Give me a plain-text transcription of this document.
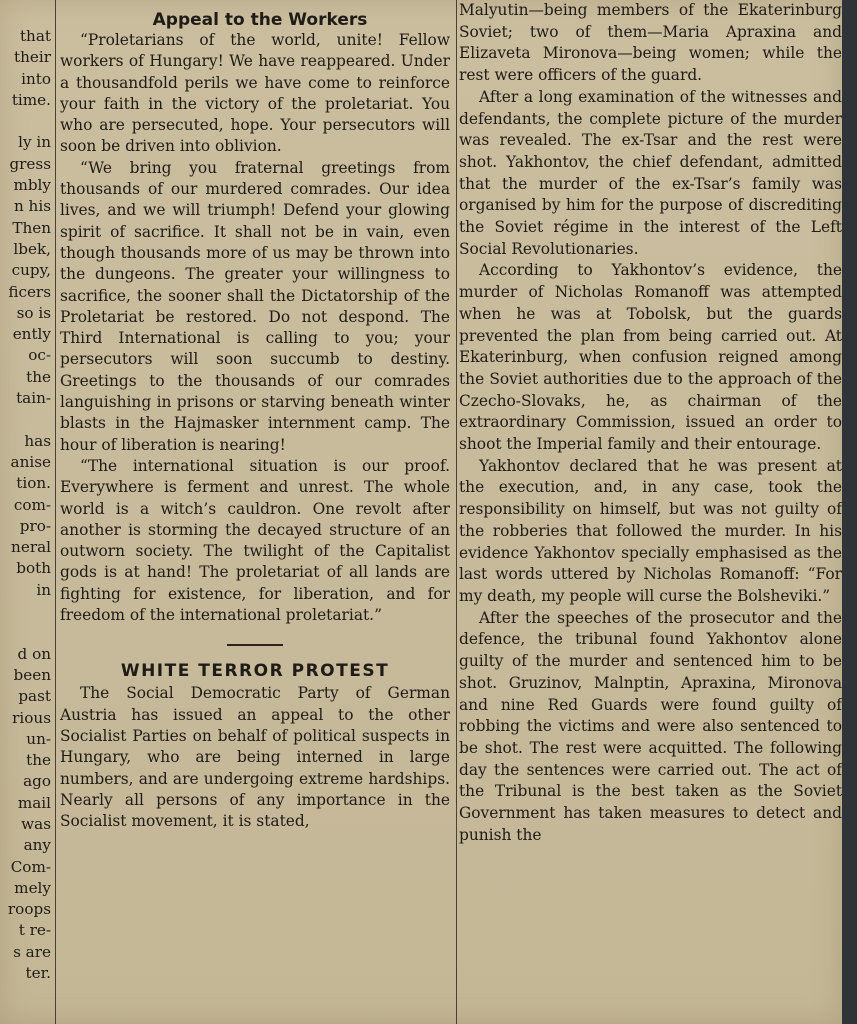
that
their
into
time.

ly in
gress
mbly
n his
Then
lbek,
cupy,
ficers
so is
ently
oc-
the
tain-

has
anise
tion.
com-
pro-
neral
both
in

d on
been
past
rious
un-
the
ago
mail
was
any
Com-
mely
roops
t re-
s are
ter.
Appeal to the Workers

“Proletarians of the world, unite! Fellow workers of Hungary! We have reappeared. Under a thousandfold perils we have come to reinforce your faith in the victory of the proletariat. You who are persecuted, hope. Your persecutors will soon be driven into oblivion.

“We bring you fraternal greetings from thousands of our murdered comrades. Our idea lives, and we will triumph! Defend your glowing spirit of sacrifice. It shall not be in vain, even though thousands more of us may be thrown into the dungeons. The greater your willingness to sacrifice, the sooner shall the Dictatorship of the Proletariat be restored. Do not despond. The Third International is calling to you; your persecutors will soon succumb to destiny. Greetings to the thousands of our comrades languishing in prisons or starving beneath winter blasts in the Hajmasker internment camp. The hour of liberation is nearing!

“The international situation is our proof. Everywhere is ferment and unrest. The whole world is a witch’s cauldron. One revolt after another is storming the decayed structure of an outworn society. The twilight of the Capitalist gods is at hand! The proletariat of all lands are fighting for existence, for liberation, and for freedom of the international proletariat.”

WHITE TERROR PROTEST

The Social Democratic Party of German Austria has issued an appeal to the other Socialist Parties on behalf of political suspects in Hungary, who are being interned in large numbers, and are undergoing extreme hardships. Nearly all persons of any importance in the Socialist movement, it is stated,

Malyutin—being members of the Ekaterinburg Soviet; two of them—Maria Apraxina and Elizaveta Mironova—being women; while the rest were officers of the guard.

After a long examination of the witnesses and defendants, the complete picture of the murder was revealed. The ex-Tsar and the rest were shot. Yakhontov, the chief defendant, admitted that the murder of the ex-Tsar’s family was organised by him for the purpose of discrediting the Soviet régime in the interest of the Left Social Revolutionaries.

According to Yakhontov’s evidence, the murder of Nicholas Romanoff was attempted when he was at Tobolsk, but the guards prevented the plan from being carried out. At Ekaterinburg, when confusion reigned among the Soviet authorities due to the approach of the Czecho-Slovaks, he, as chairman of the extraordinary Commission, issued an order to shoot the Imperial family and their entourage.

Yakhontov declared that he was present at the execution, and, in any case, took the responsibility on himself, but was not guilty of the robberies that followed the murder. In his evidence Yakhontov specially emphasised as the last words uttered by Nicholas Romanoff: “For my death, my people will curse the Bolsheviki.”

After the speeches of the prosecutor and the defence, the tribunal found Yakhontov alone guilty of the murder and sentenced him to be shot. Gruzinov, Malnptin, Apraxina, Mironova and nine Red Guards were found guilty of robbing the victims and were also sentenced to be shot. The rest were acquitted. The following day the sentences were carried out. The act of the Tribunal is the best taken as the Soviet Government has taken measures to detect and punish the
